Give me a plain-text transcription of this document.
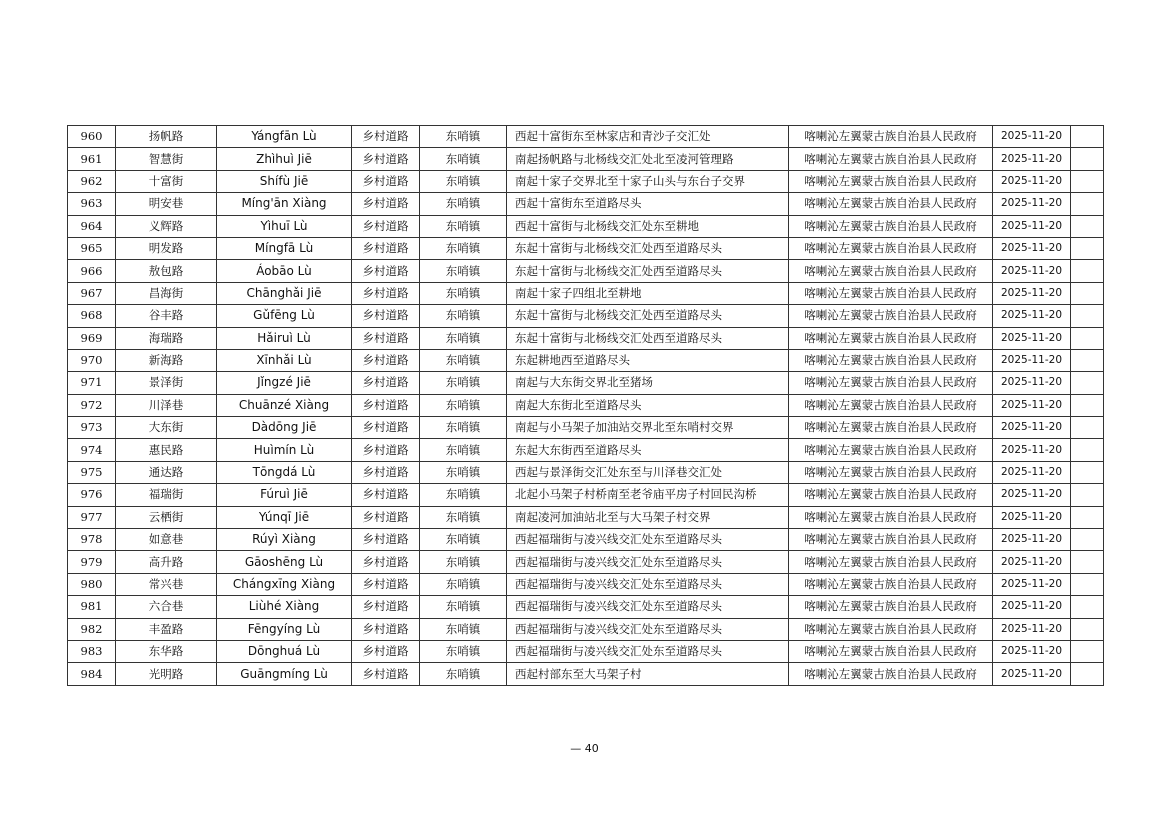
960	扬帆路	Yángfān Lù	乡村道路	东哨镇	西起十富街东至林家店和青沙子交汇处	喀喇沁左翼蒙古族自治县人民政府	2025-11-20	
961	智慧街	Zhìhuì Jiē	乡村道路	东哨镇	南起扬帆路与北杨线交汇处北至凌河管理路	喀喇沁左翼蒙古族自治县人民政府	2025-11-20	
962	十富街	Shífù Jiē	乡村道路	东哨镇	南起十家子交界北至十家子山头与东台子交界	喀喇沁左翼蒙古族自治县人民政府	2025-11-20	
963	明安巷	Míng'ān Xiàng	乡村道路	东哨镇	西起十富街东至道路尽头	喀喇沁左翼蒙古族自治县人民政府	2025-11-20	
964	义辉路	Yìhuī Lù	乡村道路	东哨镇	西起十富街与北杨线交汇处东至耕地	喀喇沁左翼蒙古族自治县人民政府	2025-11-20	
965	明发路	Míngfā Lù	乡村道路	东哨镇	东起十富街与北杨线交汇处西至道路尽头	喀喇沁左翼蒙古族自治县人民政府	2025-11-20	
966	敖包路	Áobāo Lù	乡村道路	东哨镇	东起十富街与北杨线交汇处西至道路尽头	喀喇沁左翼蒙古族自治县人民政府	2025-11-20	
967	昌海街	Chānghǎi Jiē	乡村道路	东哨镇	南起十家子四组北至耕地	喀喇沁左翼蒙古族自治县人民政府	2025-11-20	
968	谷丰路	Gǔfēng Lù	乡村道路	东哨镇	东起十富街与北杨线交汇处西至道路尽头	喀喇沁左翼蒙古族自治县人民政府	2025-11-20	
969	海瑞路	Hǎiruì Lù	乡村道路	东哨镇	东起十富街与北杨线交汇处西至道路尽头	喀喇沁左翼蒙古族自治县人民政府	2025-11-20	
970	新海路	Xīnhǎi Lù	乡村道路	东哨镇	东起耕地西至道路尽头	喀喇沁左翼蒙古族自治县人民政府	2025-11-20	
971	景泽街	Jǐngzé Jiē	乡村道路	东哨镇	南起与大东街交界北至猪场	喀喇沁左翼蒙古族自治县人民政府	2025-11-20	
972	川泽巷	Chuānzé Xiàng	乡村道路	东哨镇	南起大东街北至道路尽头	喀喇沁左翼蒙古族自治县人民政府	2025-11-20	
973	大东街	Dàdōng Jiē	乡村道路	东哨镇	南起与小马架子加油站交界北至东哨村交界	喀喇沁左翼蒙古族自治县人民政府	2025-11-20	
974	惠民路	Huìmín Lù	乡村道路	东哨镇	东起大东街西至道路尽头	喀喇沁左翼蒙古族自治县人民政府	2025-11-20	
975	通达路	Tōngdá Lù	乡村道路	东哨镇	西起与景泽街交汇处东至与川泽巷交汇处	喀喇沁左翼蒙古族自治县人民政府	2025-11-20	
976	福瑞街	Fúruì Jiē	乡村道路	东哨镇	北起小马架子村桥南至老爷庙平房子村回民沟桥	喀喇沁左翼蒙古族自治县人民政府	2025-11-20	
977	云栖街	Yúnqī Jiē	乡村道路	东哨镇	南起凌河加油站北至与大马架子村交界	喀喇沁左翼蒙古族自治县人民政府	2025-11-20	
978	如意巷	Rúyì Xiàng	乡村道路	东哨镇	西起福瑞街与凌兴线交汇处东至道路尽头	喀喇沁左翼蒙古族自治县人民政府	2025-11-20	
979	高升路	Gāoshēng Lù	乡村道路	东哨镇	西起福瑞街与凌兴线交汇处东至道路尽头	喀喇沁左翼蒙古族自治县人民政府	2025-11-20	
980	常兴巷	Chángxīng Xiàng	乡村道路	东哨镇	西起福瑞街与凌兴线交汇处东至道路尽头	喀喇沁左翼蒙古族自治县人民政府	2025-11-20	
981	六合巷	Liùhé Xiàng	乡村道路	东哨镇	西起福瑞街与凌兴线交汇处东至道路尽头	喀喇沁左翼蒙古族自治县人民政府	2025-11-20	
982	丰盈路	Fēngyíng Lù	乡村道路	东哨镇	西起福瑞街与凌兴线交汇处东至道路尽头	喀喇沁左翼蒙古族自治县人民政府	2025-11-20	
983	东华路	Dōnghuá Lù	乡村道路	东哨镇	西起福瑞街与凌兴线交汇处东至道路尽头	喀喇沁左翼蒙古族自治县人民政府	2025-11-20	
984	光明路	Guāngmíng Lù	乡村道路	东哨镇	西起村部东至大马架子村	喀喇沁左翼蒙古族自治县人民政府	2025-11-20	
— 40
